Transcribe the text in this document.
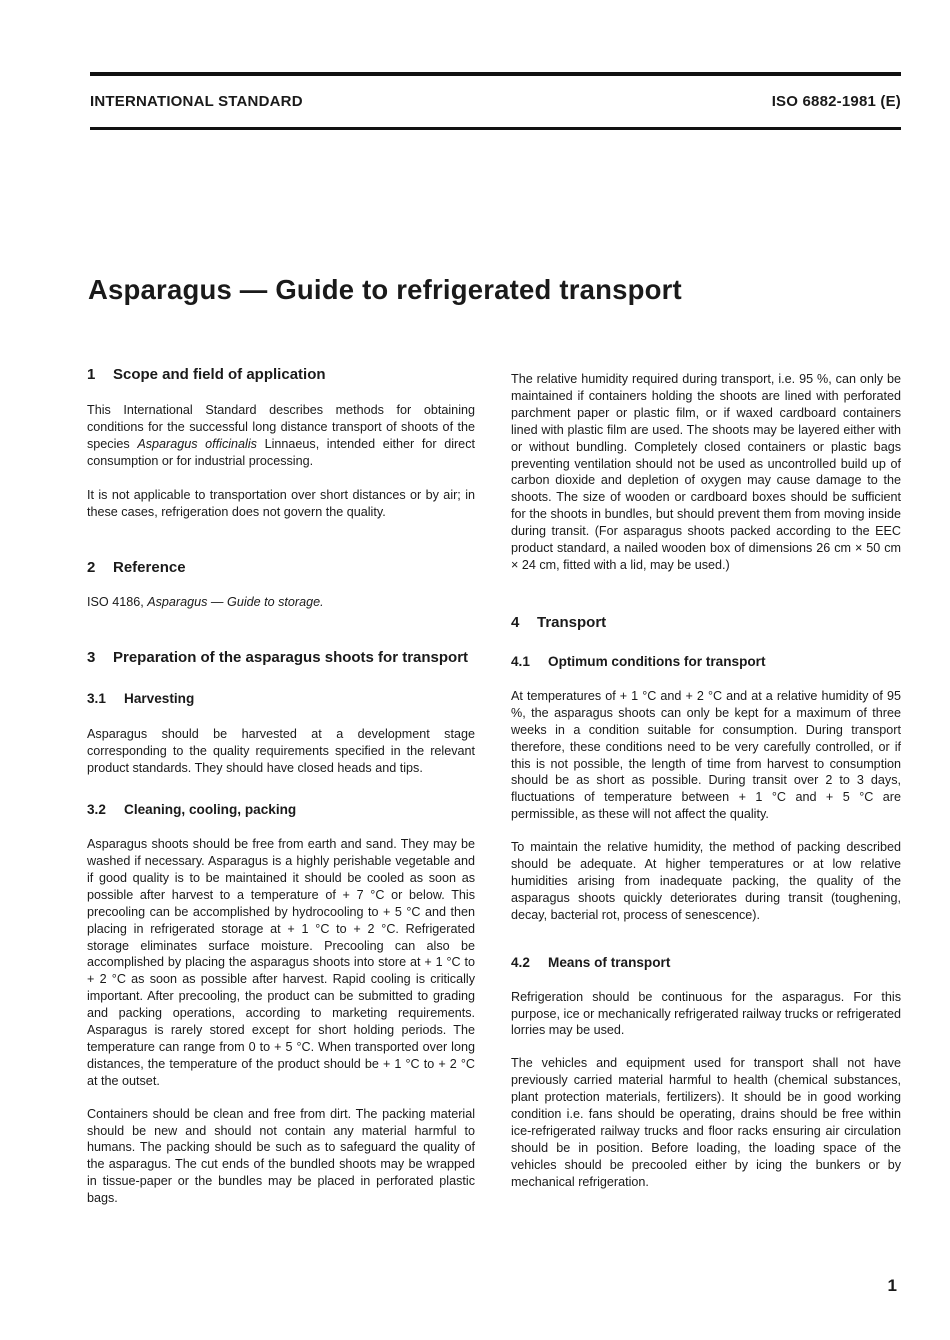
INTERNATIONAL STANDARD	ISO 6882-1981 (E)
Asparagus — Guide to refrigerated transport
1 Scope and field of application

This International Standard describes methods for obtaining conditions for the successful long distance transport of shoots of the species Asparagus officinalis Linnaeus, intended either for direct consumption or for industrial processing.

It is not applicable to transportation over short distances or by air; in these cases, refrigeration does not govern the quality.

2 Reference

ISO 4186, Asparagus — Guide to storage.

3 Preparation of the asparagus shoots for transport
3.1 Harvesting

Asparagus should be harvested at a development stage corresponding to the quality requirements specified in the relevant product standards. They should have closed heads and tips.

3.2 Cleaning, cooling, packing

Asparagus shoots should be free from earth and sand. They may be washed if necessary. Asparagus is a highly perishable vegetable and if good quality is to be maintained it should be cooled as soon as possible after harvest to a temperature of + 7 °C or below. This precooling can be accomplished by hydrocooling to + 5 °C and then placing in refrigerated storage at + 1 °C to + 2 °C. Refrigerated storage eliminates surface moisture. Precooling can also be accomplished by placing the asparagus shoots into store at + 1 °C to + 2 °C as soon as possible after harvest. Rapid cooling is critically important. After precooling, the product can be submitted to grading and packing operations, according to marketing requirements. Asparagus is rarely stored except for short holding periods. The temperature can range from 0 to + 5 °C. When transported over long distances, the temperature of the product should be + 1 °C to + 2 °C at the outset.

Containers should be clean and free from dirt. The packing material should be new and should not contain any material harmful to humans. The packing should be such as to safeguard the quality of the asparagus. The cut ends of the bundled shoots may be wrapped in tissue-paper or the bundles may be placed in perforated plastic bags.

The relative humidity required during transport, i.e. 95 %, can only be maintained if containers holding the shoots are lined with perforated parchment paper or plastic film, or if waxed cardboard containers lined with plastic film are used. The shoots may be layered either with or without bundling. Completely closed containers or plastic bags preventing ventilation should not be used as uncontrolled build up of carbon dioxide and depletion of oxygen may cause damage to the shoots. The size of wooden or cardboard boxes should be sufficient for the shoots in bundles, but should prevent them from moving inside during transit. (For asparagus shoots packed according to the EEC product standard, a nailed wooden box of dimensions 26 cm × 50 cm × 24 cm, fitted with a lid, may be used.)

4 Transport
4.1 Optimum conditions for transport

At temperatures of + 1 °C and + 2 °C and at a relative humidity of 95 %, the asparagus shoots can only be kept for a maximum of three weeks in a condition suitable for consumption. During transport therefore, these conditions need to be very carefully controlled, or if this is not possible, the length of time from harvest to consumption should be as short as possible. During transit over 2 to 3 days, fluctuations of temperature between + 1 °C and + 5 °C are permissible, as these will not affect the quality.

To maintain the relative humidity, the method of packing described should be adequate. At higher temperatures or at low relative humidities arising from inadequate packing, the quality of the asparagus shoots quickly deteriorates during transit (toughening, decay, bacterial rot, process of senescence).

4.2 Means of transport

Refrigeration should be continuous for the asparagus. For this purpose, ice or mechanically refrigerated railway trucks or refrigerated lorries may be used.

The vehicles and equipment used for transport shall not have previously carried material harmful to health (chemical substances, plant protection materials, fertilizers). It should be in good working condition i.e. fans should be operating, drains should be free within ice-refrigerated railway trucks and floor racks ensuring air circulation should be in position. Before loading, the loading space of the vehicles should be precooled either by icing the bunkers or by mechanical refrigeration.

1
